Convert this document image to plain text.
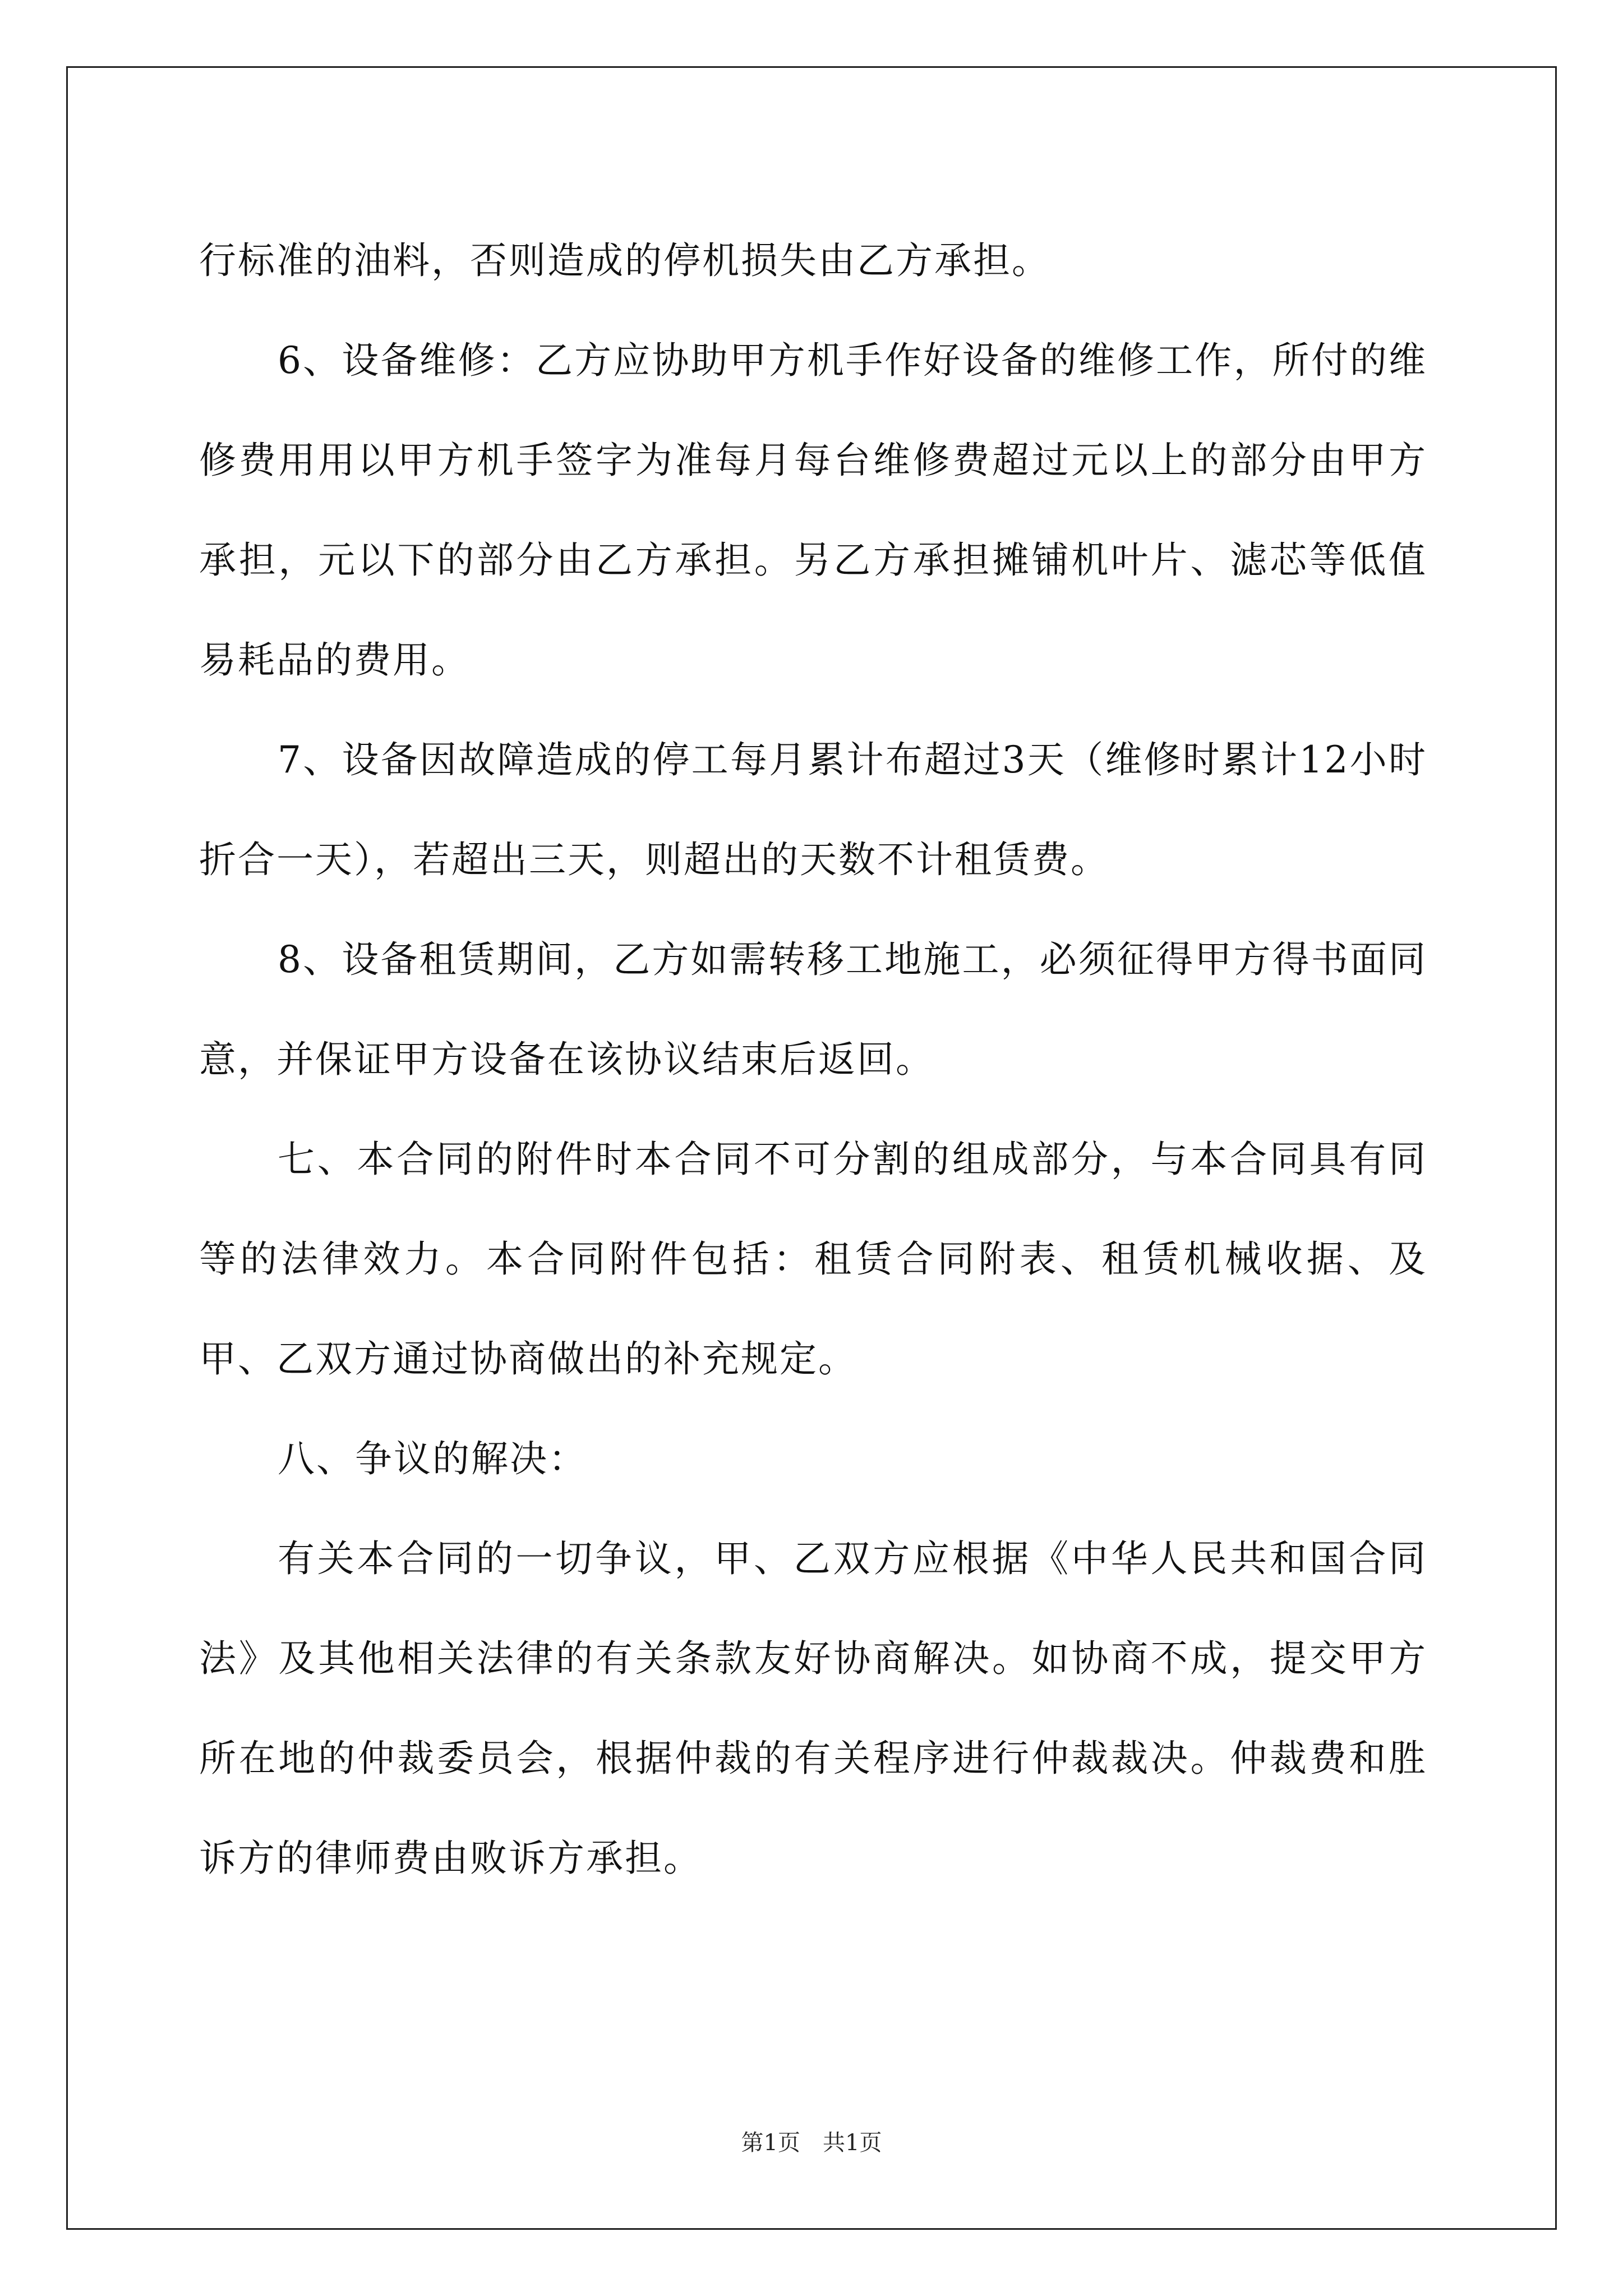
行标准的油料，否则造成的停机损失由乙方承担。

6、设备维修：乙方应协助甲方机手作好设备的维修工作，所付的维修费用用以甲方机手签字为准每月每台维修费超过元以上的部分由甲方承担，元以下的部分由乙方承担。另乙方承担摊铺机叶片、滤芯等低值易耗品的费用。

7、设备因故障造成的停工每月累计布超过3天（维修时累计12小时折合一天），若超出三天，则超出的天数不计租赁费。

8、设备租赁期间，乙方如需转移工地施工，必须征得甲方得书面同意，并保证甲方设备在该协议结束后返回。

七、本合同的附件时本合同不可分割的组成部分，与本合同具有同等的法律效力。本合同附件包括：租赁合同附表、租赁机械收据、及甲、乙双方通过协商做出的补充规定。

八、争议的解决：

有关本合同的一切争议，甲、乙双方应根据《中华人民共和国合同法》及其他相关法律的有关条款友好协商解决。如协商不成，提交甲方所在地的仲裁委员会，根据仲裁的有关程序进行仲裁裁决。仲裁费和胜诉方的律师费由败诉方承担。

第1页　共1页
